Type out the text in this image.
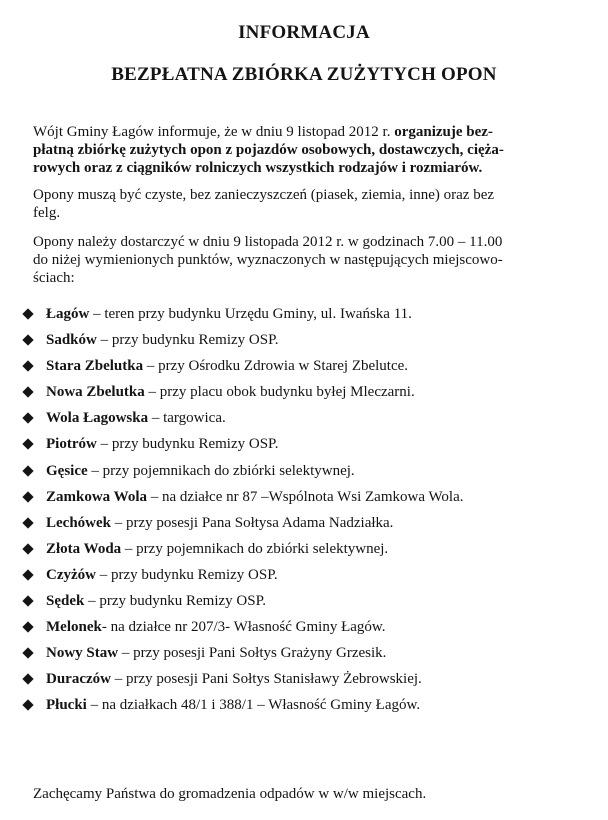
INFORMACJA
BEZPŁATNA ZBIÓRKA ZUŻYTYCH OPON
Wójt Gminy Łagów informuje, że w dniu 9 listopad 2012 r. organizuje bez-
płatną zbiórkę zużytych opon z pojazdów osobowych, dostawczych, cięża-
rowych oraz z ciągników rolniczych wszystkich rodzajów i rozmiarów.
Opony muszą być czyste, bez zanieczyszczeń (piasek, ziemia, inne) oraz bez
felg.
Opony należy dostarczyć w dniu 9 listopada 2012 r. w godzinach 7.00 – 11.00
do niżej wymienionych punktów, wyznaczonych w następujących miejscowo-
ściach:
Łagów – teren przy budynku Urzędu Gminy, ul. Iwańska 11.
Sadków – przy budynku Remizy OSP.
Stara Zbelutka – przy Ośrodku Zdrowia w Starej Zbelutce.
Nowa Zbelutka – przy placu obok budynku byłej Mleczarni.
Wola Łagowska – targowica.
Piotrów – przy budynku Remizy OSP.
Gęsice – przy pojemnikach do zbiórki selektywnej.
Zamkowa Wola – na działce nr 87 –Wspólnota Wsi Zamkowa Wola.
Lechówek – przy posesji Pana Sołtysa Adama Nadziałka.
Złota Woda – przy pojemnikach do zbiórki selektywnej.
Czyżów – przy budynku Remizy OSP.
Sędek – przy budynku Remizy OSP.
Melonek- na działce nr 207/3- Własność Gminy Łagów.
Nowy Staw – przy posesji Pani Sołtys Grażyny Grzesik.
Duraczów – przy posesji Pani Sołtys Stanisławy Żebrowskiej.
Płucki – na działkach 48/1 i 388/1 – Własność Gminy Łagów.
Zachęcamy Państwa do gromadzenia odpadów w w/w miejscach.
